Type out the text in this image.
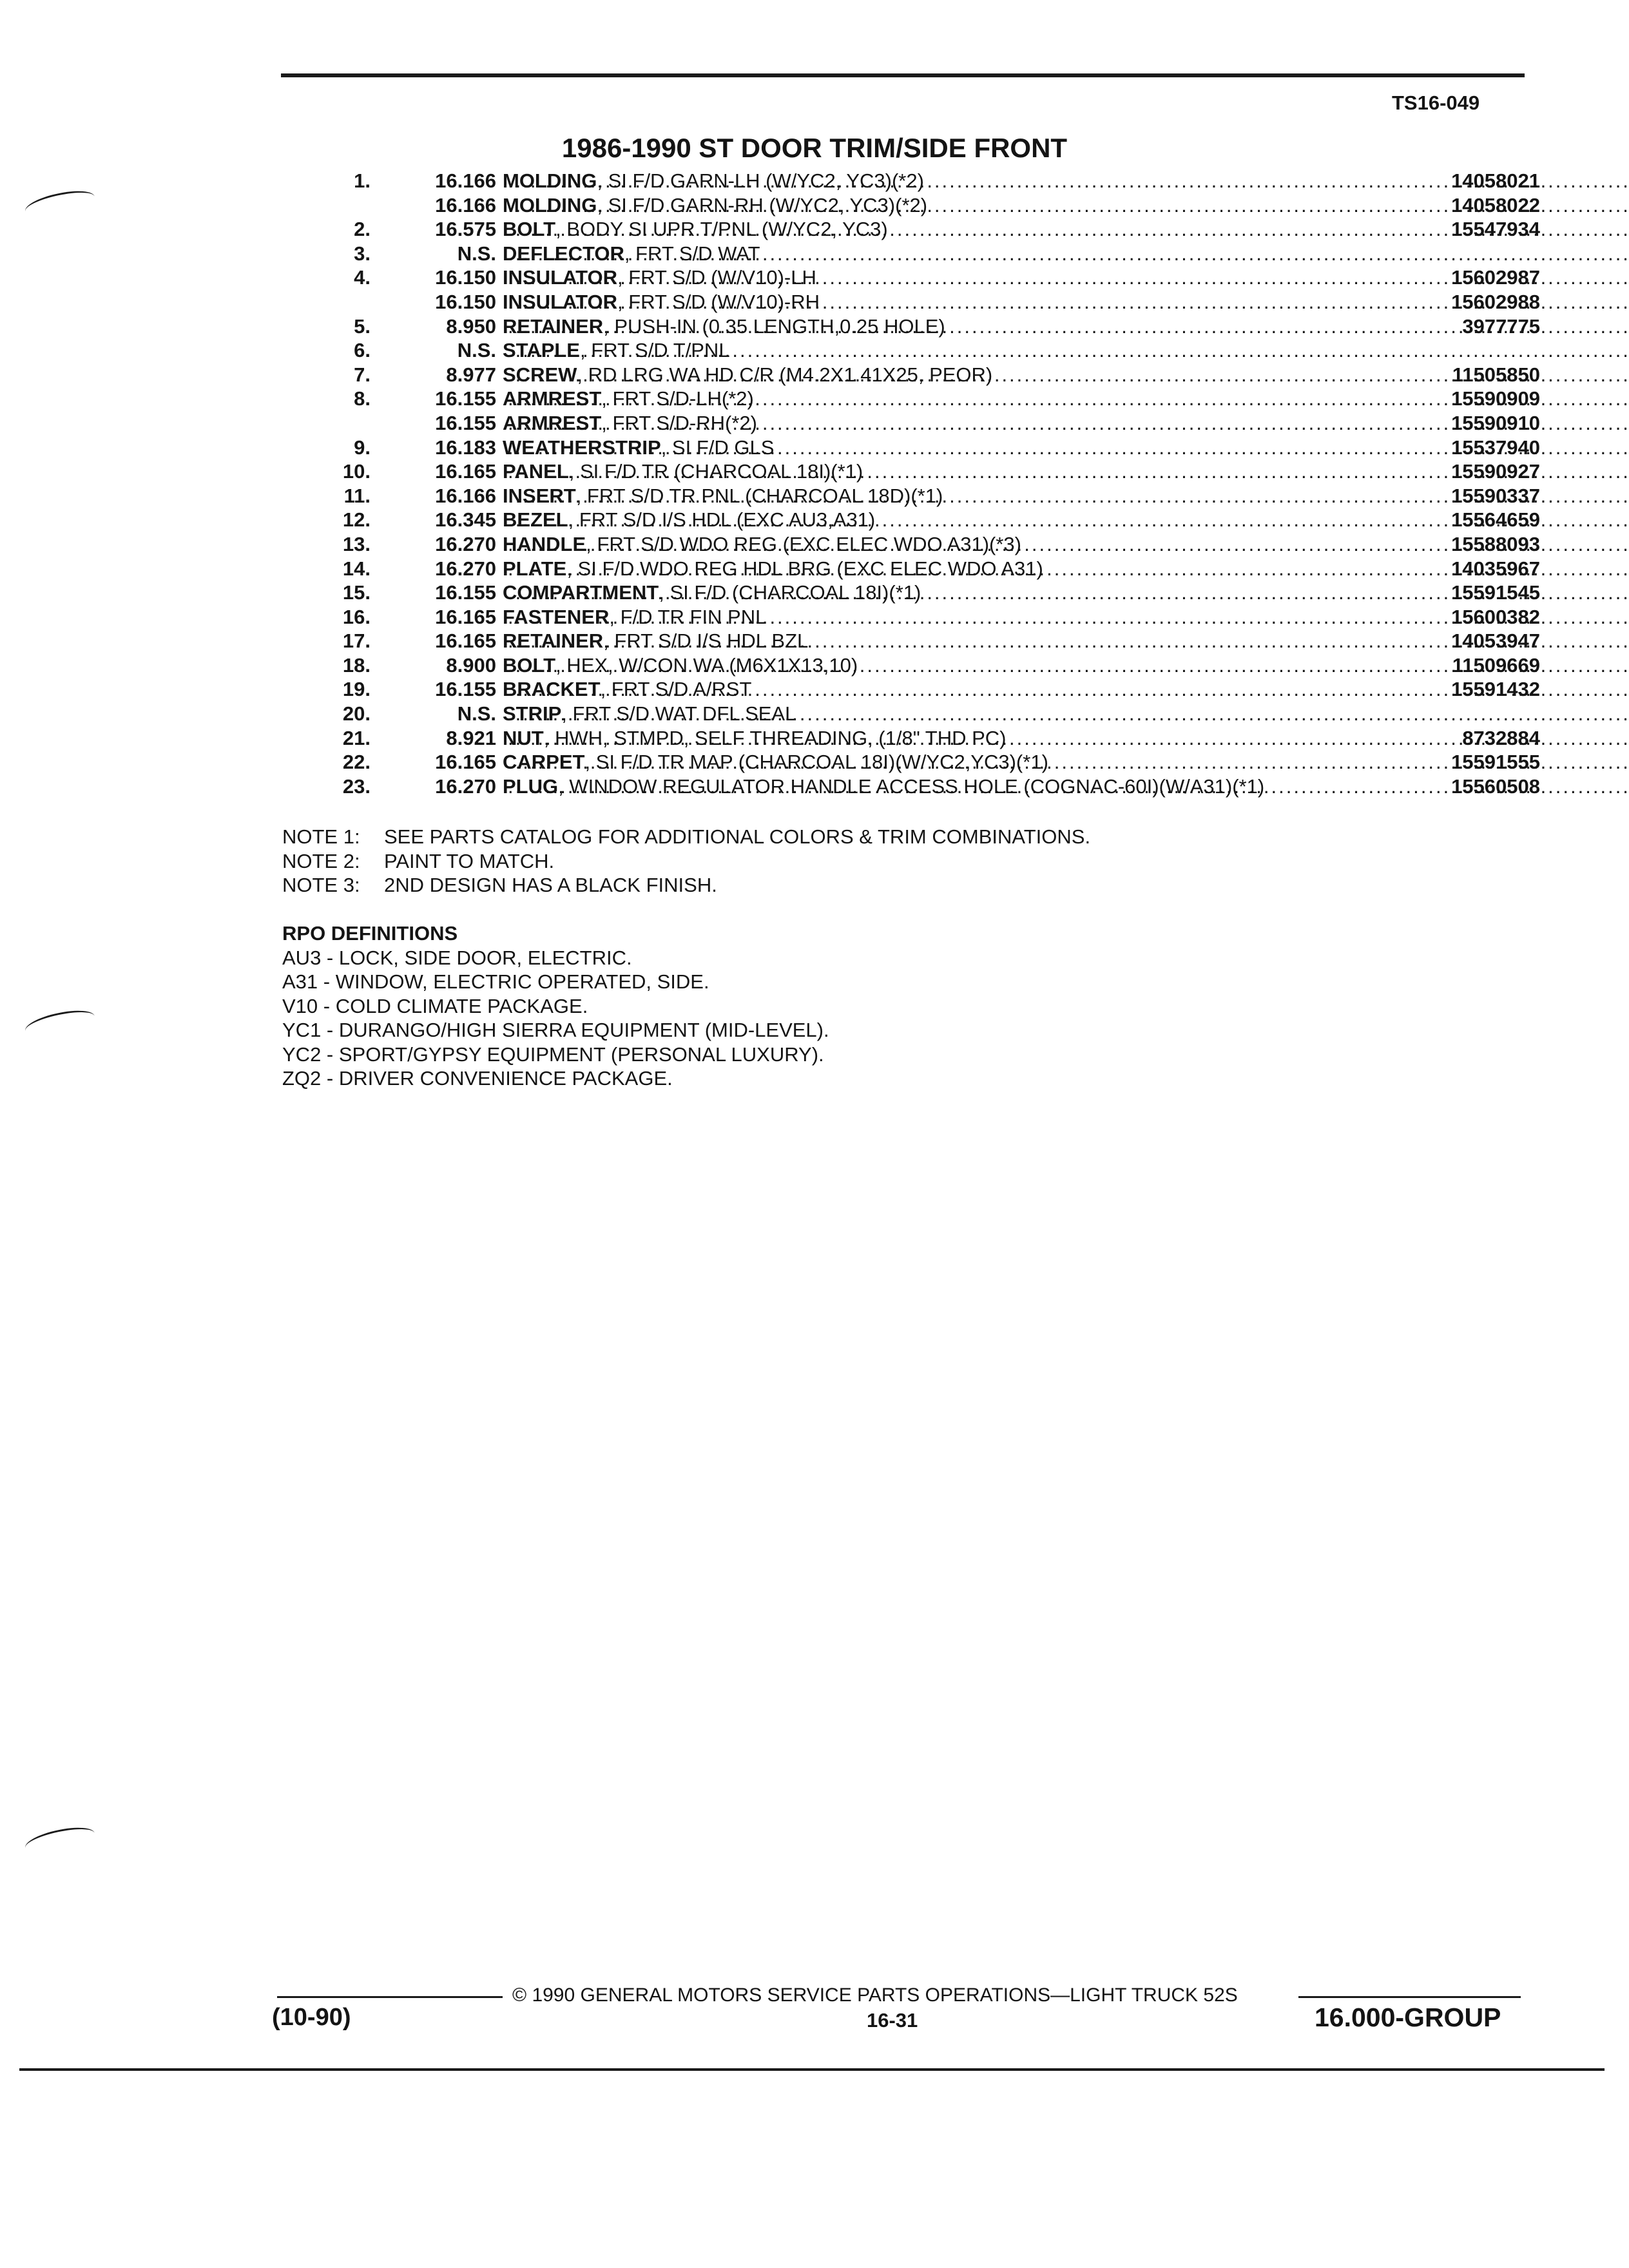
TS16-049
1986-1990 ST DOOR TRIM/SIDE FRONT
1.	16.166 MOLDING , SI F/D GARN-LH (W/YC2, YC3)(*2) .....	14058021
16.166 MOLDING , SI F/D GARN-RH (W/YC2, YC3)(*2) .....	14058022
2.	16.575 BOLT , BODY SI UPR T/PNL (W/YC2, YC3) .....	15547934
3.	N.S. DEFLECTOR , FRT S/D WAT
.....
4.	16.150 INSULATOR , FRT S/D (W/V10)-LH .....	15602987
16.150 INSULATOR , FRT S/D (W/V10)-RH .....	15602988
5.	8.950 RETAINER , PUSH-IN (0.35 LENGTH,0.25 HOLE) .....	3977775
6.	N.S. STAPLE , FRT S/D T/PNL
.....
7.	8.977 SCREW , RD LRG WA HD C/R (M4.2X1.41X25, PEOR) .....	11505850
8.	16.155 ARMREST , FRT S/D-LH(*2) .....	15590909
16.155 ARMREST , FRT S/D-RH(*2) .....	15590910
9.	16.183 WEATHERSTRIP , SI F/D GLS .....	15537940
10.	16.165 PANEL , SI F/D TR (CHARCOAL 18I)(*1) .....	15590927
11.	16.166 INSERT , FRT S/D TR PNL (CHARCOAL 18D)(*1) .....	15590337
12.	16.345 BEZEL , FRT S/D I/S HDL (EXC AU3,A31) .....	15564659
13.	16.270 HANDLE , FRT S/D WDO REG (EXC ELEC WDO A31)(*3) .....	15588093
14.	16.270 PLATE , SI F/D WDO REG HDL BRG (EXC ELEC WDO A31) .....	14035967
15.	16.155 COMPARTMENT , SI F/D (CHARCOAL 18I)(*1) .....	15591545
16.	16.165 FASTENER , F/D TR FIN PNL .....	15600382
17.	16.165 RETAINER , FRT S/D I/S HDL BZL .....	14053947
18.	8.900 BOLT , HEX, W/CON WA (M6X1X13,10) .....	11509669
19.	16.155 BRACKET , FRT S/D A/RST .....	15591432
20.	N.S. STRIP , FRT S/D WAT DFL SEAL
.....
21.	8.921 NUT , HWH, STMPD, SELF THREADING, (1/8" THD PC) .....	8732884
22.	16.165 CARPET , SI F/D TR MAP (CHARCOAL 18I)(W/YC2,YC3)(*1) .....	15591555
23.	16.270 PLUG , WINDOW REGULATOR HANDLE ACCESS HOLE (COGNAC-60I)(W/A31)(*1) .....	15560508
NOTE 1:	SEE PARTS CATALOG FOR ADDITIONAL COLORS & TRIM COMBINATIONS.
NOTE 2:	PAINT TO MATCH.
NOTE 3:	2ND DESIGN HAS A BLACK FINISH.
RPO DEFINITIONS
AU3 - LOCK, SIDE DOOR, ELECTRIC.
A31 - WINDOW, ELECTRIC OPERATED, SIDE.
V10 - COLD CLIMATE PACKAGE.
YC1 - DURANGO/HIGH SIERRA EQUIPMENT (MID-LEVEL).
YC2 - SPORT/GYPSY EQUIPMENT (PERSONAL LUXURY).
ZQ2 - DRIVER CONVENIENCE PACKAGE.
© 1990 GENERAL MOTORS SERVICE PARTS OPERATIONS—LIGHT TRUCK 52S
(10-90)	16-31	16.000-GROUP
